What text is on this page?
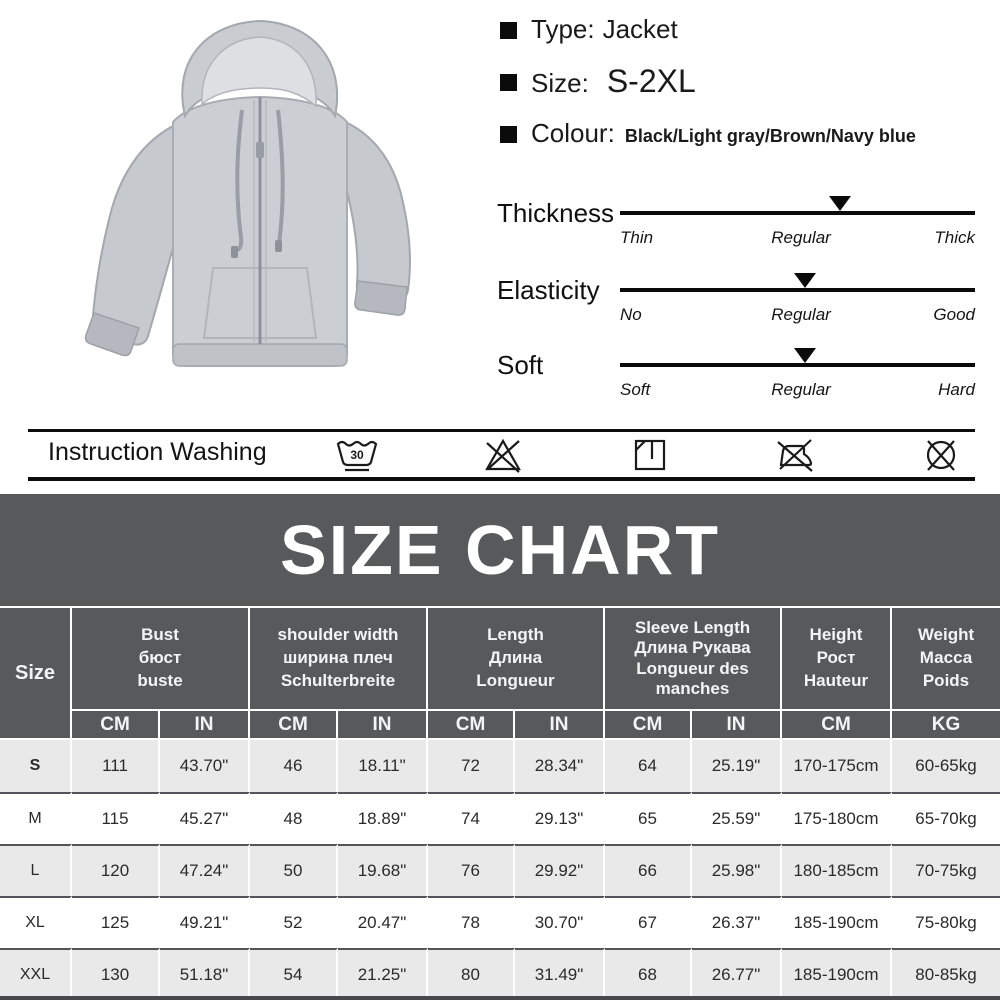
Type: Jacket
Size: S-2XL
Colour: Black/Light gray/Brown/Navy blue
Thickness
Thin	Regular	Thick
Elasticity
No	Regular	Good
Soft
Soft	Regular	Hard
Instruction Washing	30
SIZE CHART
Size
Bust
бюст
buste
shoulder width
ширина плеч
Schulterbreite
Length
Длина
Longueur
Sleeve Length
Длина Рукава
Longueur des manches
Height
Рост
Hauteur
Weight
Масса
Poids
CM	IN	CM	IN	CM	IN	CM	IN	CM	KG
S	111	43.70"	46	18.11"	72	28.34"	64	25.19"	170-175cm	60-65kg
M	115	45.27"	48	18.89"	74	29.13"	65	25.59"	175-180cm	65-70kg
L	120	47.24"	50	19.68"	76	29.92"	66	25.98"	180-185cm	70-75kg
XL	125	49.21"	52	20.47"	78	30.70"	67	26.37"	185-190cm	75-80kg
XXL	130	51.18"	54	21.25"	80	31.49"	68	26.77"	185-190cm	80-85kg
